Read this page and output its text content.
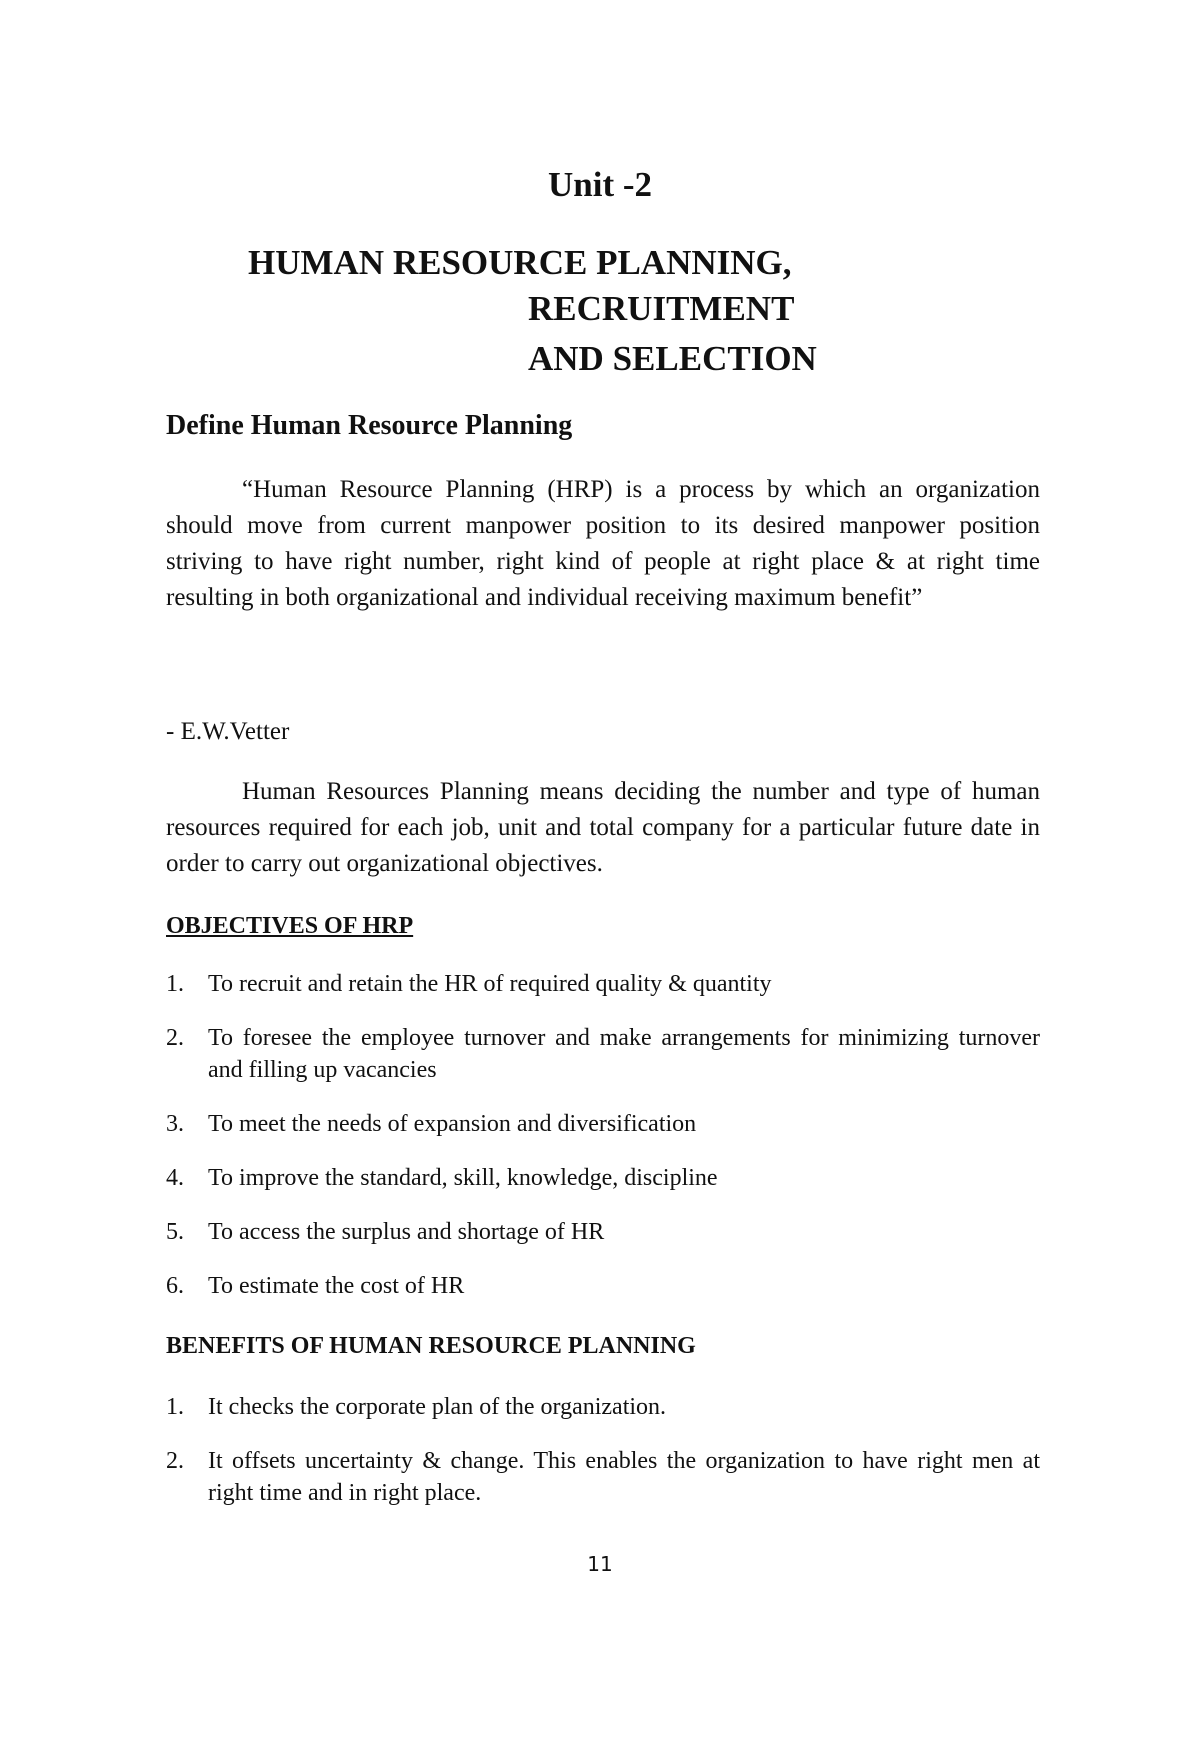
Unit -2
HUMAN RESOURCE PLANNING,
RECRUITMENT
AND SELECTION
Define Human Resource Planning

“Human Resource Planning (HRP) is a process by which an organization should move from current manpower position to its desired manpower position striving to have right number, right kind of people at right place & at right time resulting in both organizational and individual receiving maximum benefit”

- E.W.Vetter

Human Resources Planning means deciding the number and type of human resources required for each job, unit and total company for a particular future date in order to carry out organizational objectives.

OBJECTIVES OF HRP
1. To recruit and retain the HR of required quality & quantity
2. To foresee the employee turnover and make arrangements for minimizing turnover and filling up vacancies
3. To meet the needs of expansion and diversification
4. To improve the standard, skill, knowledge, discipline
5. To access the surplus and shortage of HR
6. To estimate the cost of HR
BENEFITS OF HUMAN RESOURCE PLANNING
1. It checks the corporate plan of the organization.
2. It offsets uncertainty & change. This enables the organization to have right men at right time and in right place.
11
